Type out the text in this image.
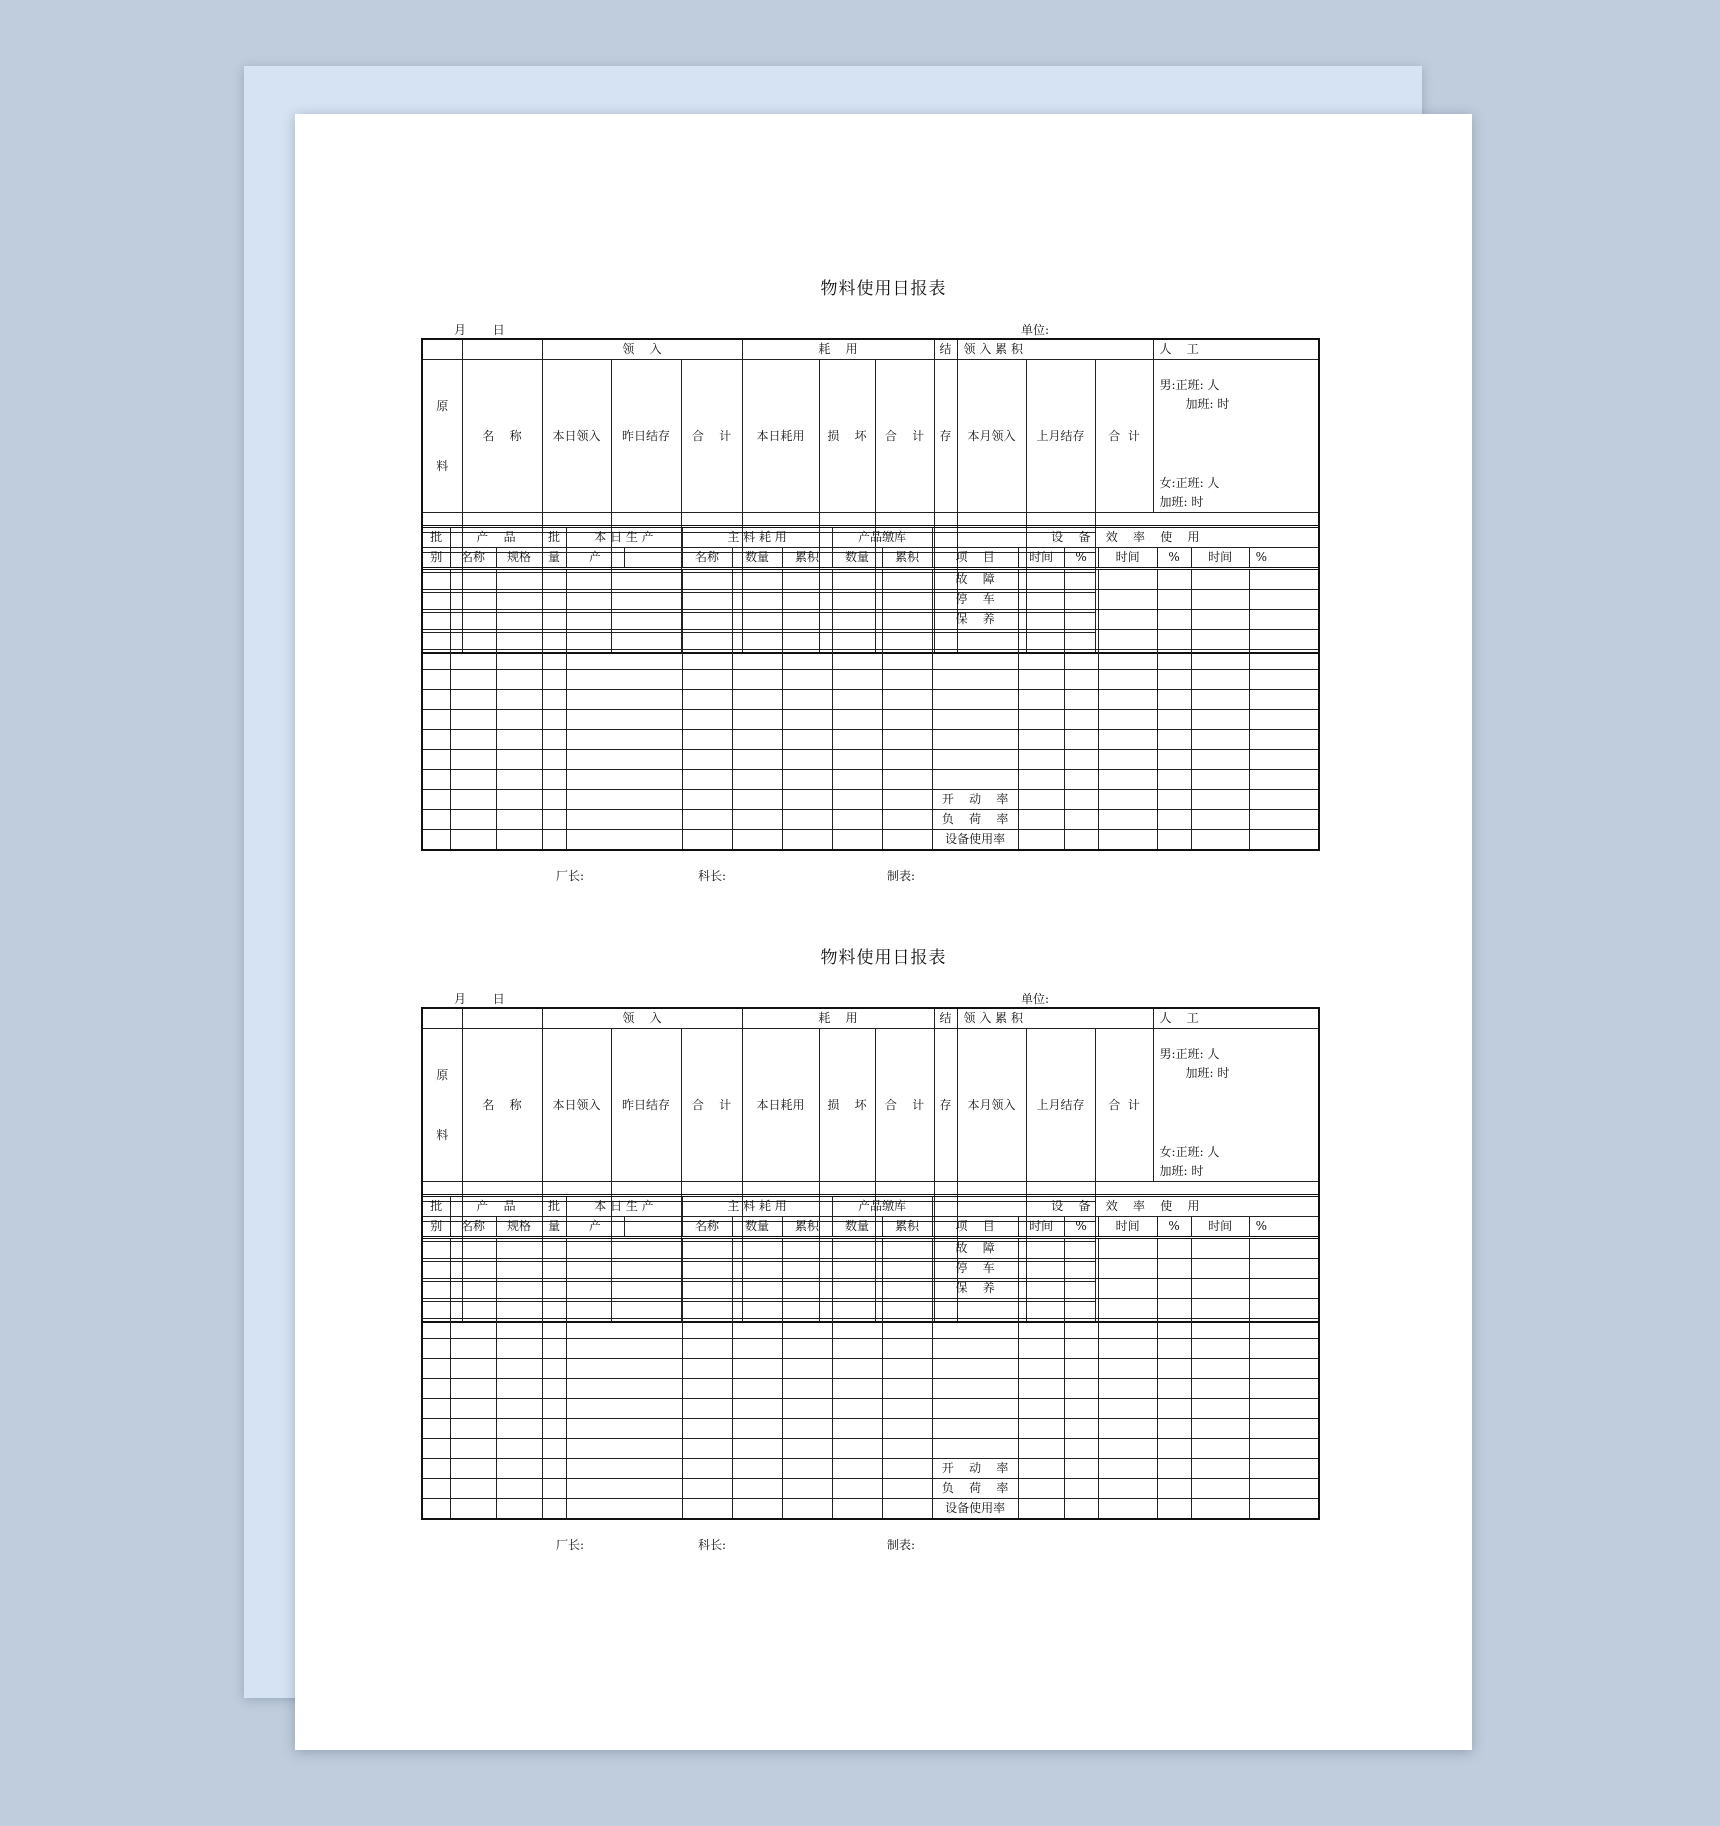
物料使用日报表
月       日	单位:
		领    入			耗    用			结	领 入 累 积			人    工
原
料	名    称	本日领入	昨日结存	合    计	本日耗用	损    坏	合    计	存	本月领入	上月结存	合  计	男:正班: 人
加班: 时
女:正班: 人
加班: 时

批	产    品		批	本 日 生 产		主 料 耗 用			产品缴库		设    备    效    率    使    用						
别	名称	规格	量	产		名称	数量	累积	数量	累积	项    目	时间	%	时间	%	时间	%
											故    障						
											停    车						
											保    养						

											开    动    率						
											负    荷    率						
											设备使用率						
厂长:	科长:	制表:
物料使用日报表
月       日	单位:
		领    入			耗    用			结	领 入 累 积			人    工
原
料	名    称	本日领入	昨日结存	合    计	本日耗用	损    坏	合    计	存	本月领入	上月结存	合  计	男:正班: 人
加班: 时
女:正班: 人
加班: 时

批	产    品		批	本 日 生 产		主 料 耗 用			产品缴库		设    备    效    率    使    用						
别	名称	规格	量	产		名称	数量	累积	数量	累积	项    目	时间	%	时间	%	时间	%
											故    障						
											停    车						
											保    养						

											开    动    率						
											负    荷    率						
											设备使用率						
厂长:	科长:	制表:
